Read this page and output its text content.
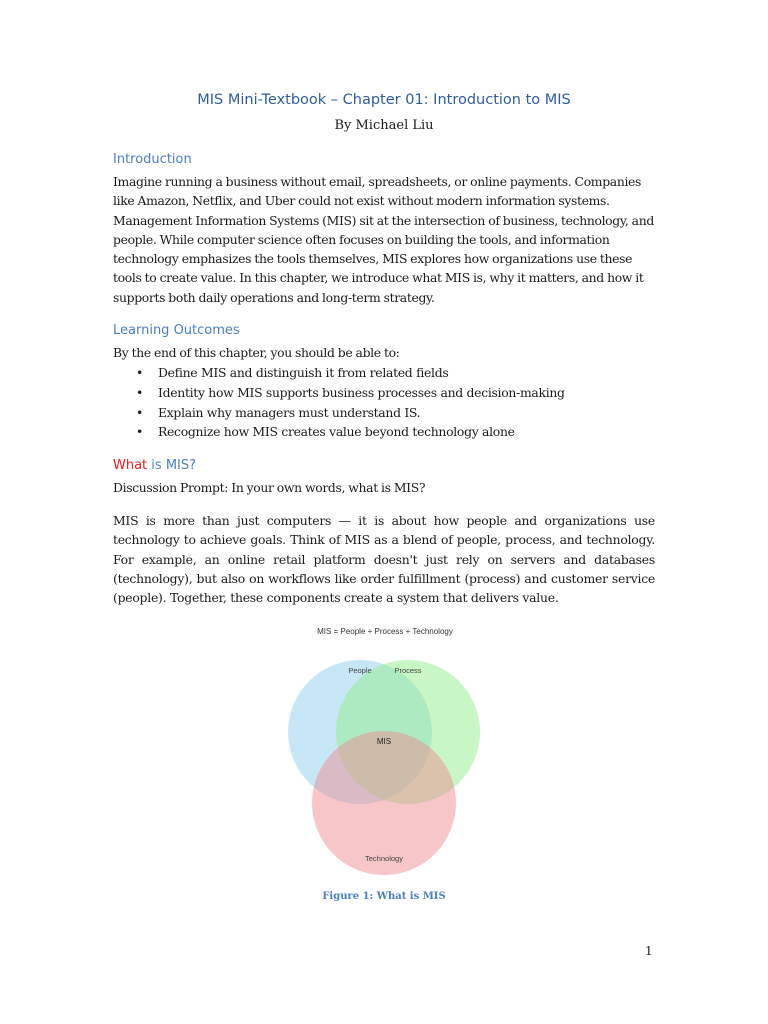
MIS Mini-Textbook – Chapter 01: Introduction to MIS

By Michael Liu

Introduction

Imagine running a business without email, spreadsheets, or online payments. Companies like Amazon, Netflix, and Uber could not exist without modern information systems. Management Information Systems (MIS) sit at the intersection of business, technology, and people. While computer science often focuses on building the tools, and information technology emphasizes the tools themselves, MIS explores how organizations use these tools to create value. In this chapter, we introduce what MIS is, why it matters, and how it supports both daily operations and long-term strategy.

Learning Outcomes

By the end of this chapter, you should be able to:

• Define MIS and distinguish it from related fields
• Identity how MIS supports business processes and decision-making
• Explain why managers must understand IS.
• Recognize how MIS creates value beyond technology alone
What is MIS?

Discussion Prompt: In your own words, what is MIS?

MIS is more than just computers — it is about how people and organizations use technology to achieve goals. Think of MIS as a blend of people, process, and technology. For example, an online retail platform doesn't just rely on servers and databases (technology), but also on workflows like order fulfillment (process) and customer service (people). Together, these components create a system that delivers value.

MIS = People + Process + Technology
People	Process
MIS
Technology

Figure 1: What is MIS

1
